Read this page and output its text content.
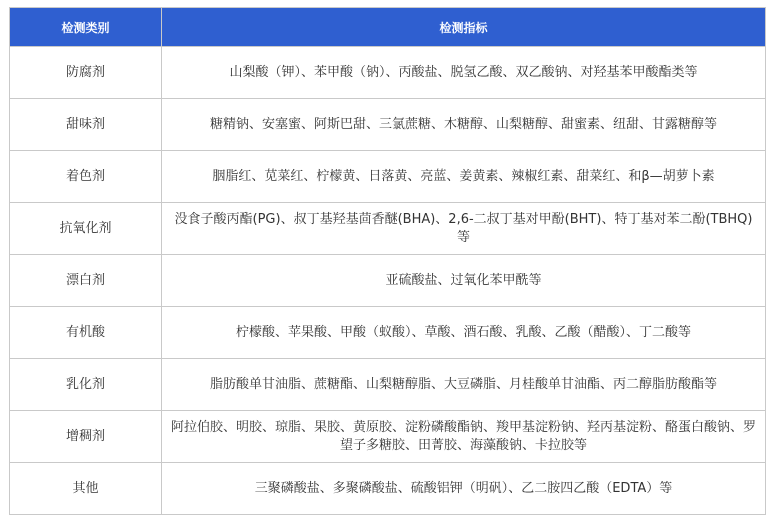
检测类别	检测指标
防腐剂	山梨酸（钾）、苯甲酸（钠）、丙酸盐、脱氢乙酸、双乙酸钠、对羟基苯甲酸酯类等
甜味剂	糖精钠、安塞蜜、阿斯巴甜、三氯蔗糖、木糖醇、山梨糖醇、甜蜜素、纽甜、甘露糖醇等
着色剂	胭脂红、苋菜红、柠檬黄、日落黄、亮蓝、姜黄素、辣椒红素、甜菜红、和β—胡萝卜素
抗氧化剂	没食子酸丙酯(PG)、叔丁基羟基茴香醚(BHA)、2,6-二叔丁基对甲酚(BHT)、特丁基对苯二酚(TBHQ)等
漂白剂	亚硫酸盐、过氧化苯甲酰等
有机酸	柠檬酸、苹果酸、甲酸（蚁酸）、草酸、酒石酸、乳酸、乙酸（醋酸）、丁二酸等
乳化剂	脂肪酸单甘油脂、蔗糖酯、山梨糖醇脂、大豆磷脂、月桂酸单甘油酯、丙二醇脂肪酸酯等
增稠剂	阿拉伯胶、明胶、琼脂、果胶、黄原胶、淀粉磷酸酯钠、羧甲基淀粉钠、羟丙基淀粉、酪蛋白酸钠、罗望子多糖胶、田菁胶、海藻酸钠、卡拉胶等
其他	三聚磷酸盐、多聚磷酸盐、硫酸铝钾（明矾）、乙二胺四乙酸（EDTA）等
